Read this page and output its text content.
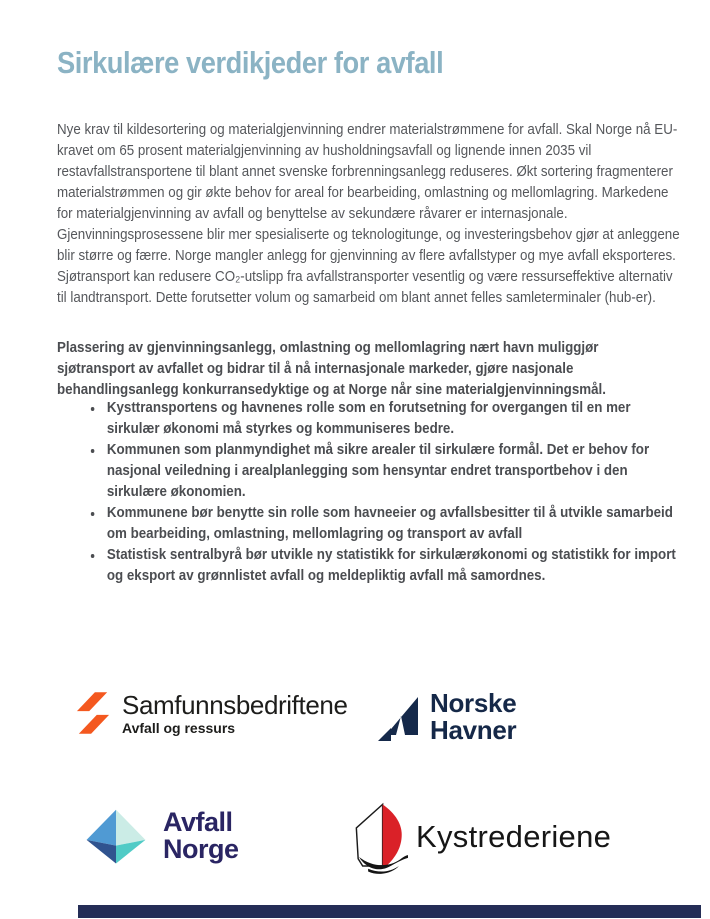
Sirkulære verdikjeder for avfall

Nye krav til kildesortering og materialgjenvinning endrer materialstrømmene for avfall. Skal Norge nå EU-kravet om 65 prosent materialgjenvinning av husholdningsavfall og lignende innen 2035 vil restavfallstransportene til blant annet svenske forbrenningsanlegg reduseres. Økt sortering fragmenterer materialstrømmen og gir økte behov for areal for bearbeiding, omlastning og mellomlagring. Markedene for materialgjenvinning av avfall og benyttelse av sekundære råvarer er internasjonale. Gjenvinningsprosessene blir mer spesialiserte og teknologitunge, og investeringsbehov gjør at anleggene blir større og færre. Norge mangler anlegg for gjenvinning av flere avfallstyper og mye avfall eksporteres. Sjøtransport kan redusere CO₂-utslipp fra avfallstransporter vesentlig og være ressurseffektive alternativ til landtransport. Dette forutsetter volum og samarbeid om blant annet felles samleterminaler (hub-er).

Plassering av gjenvinningsanlegg, omlastning og mellomlagring nært havn muliggjør sjøtransport av avfallet og bidrar til å nå internasjonale markeder, gjøre nasjonale behandlingsanlegg konkurransedyktige og at Norge når sine materialgjenvinningsmål.

• Kysttransportens og havnenes rolle som en forutsetning for overgangen til en mer sirkulær økonomi må styrkes og kommuniseres bedre.
• Kommunen som planmyndighet må sikre arealer til sirkulære formål. Det er behov for nasjonal veiledning i arealplanlegging som hensyntar endret transportbehov i den sirkulære økonomien.
• Kommunene bør benytte sin rolle som havneeier og avfallsbesitter til å utvikle samarbeid om bearbeiding, omlastning, mellomlagring og transport av avfall
• Statistisk sentralbyrå bør utvikle ny statistikk for sirkulærøkonomi og statistikk for import og eksport av grønnlistet avfall og meldepliktig avfall må samordnes.
Samfunnsbedriftene
Avfall og ressurs
Norske
Havner
Avfall
Norge	Kystrederiene
